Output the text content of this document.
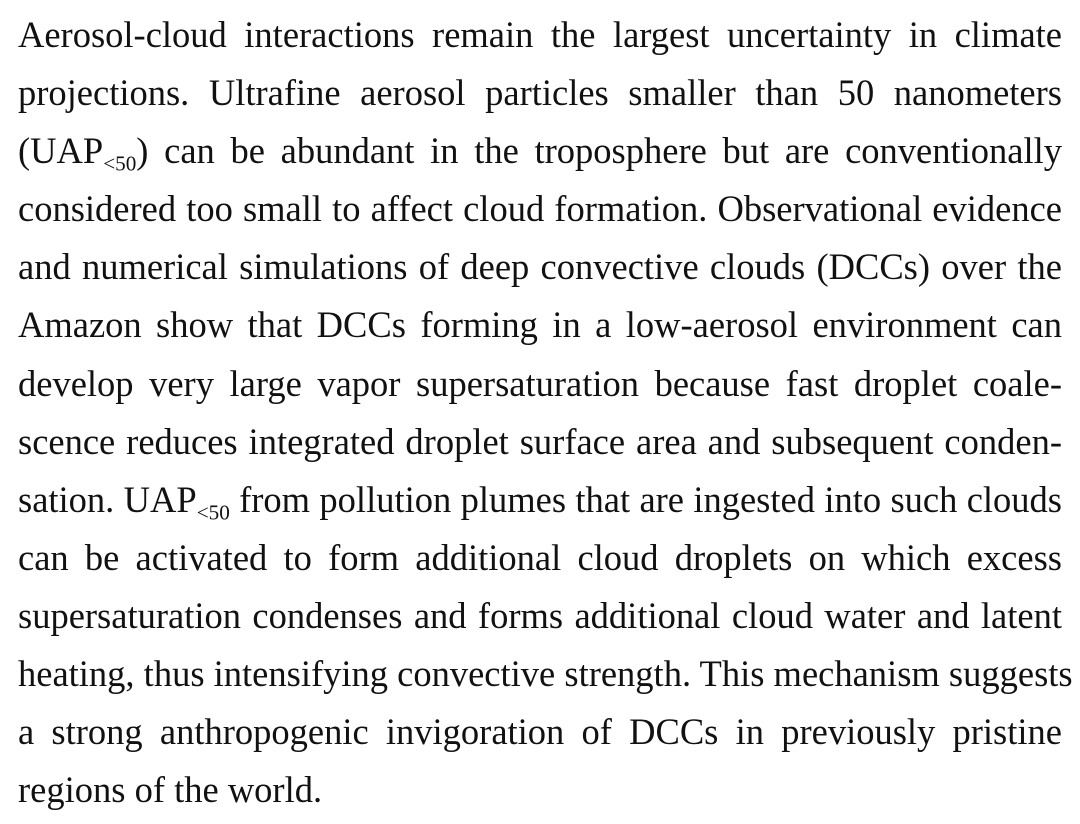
Aerosol-cloud interactions remain the largest uncertainty in climate
projections. Ultrafine aerosol particles smaller than 50 nanometers
$(UAP_{<50})$ can be abundant in the troposphere but are conventionally
considered too small to affect cloud formation. Observational evidence
and numerical simulations of deep convective clouds (DCCs) over the
Amazon show that DCCs forming in a low-aerosol environment can
develop very large vapor supersaturation because fast droplet coale-
scence reduces integrated droplet surface area and subsequent conden-
sation. $UAP_{<50}$ from pollution plumes that are ingested into such clouds
can be activated to form additional cloud droplets on which excess
supersaturation condenses and forms additional cloud water and latent
heating, thus intensifying convective strength. This mechanism suggests
a strong anthropogenic invigoration of DCCs in previously pristine
regions of the world.
